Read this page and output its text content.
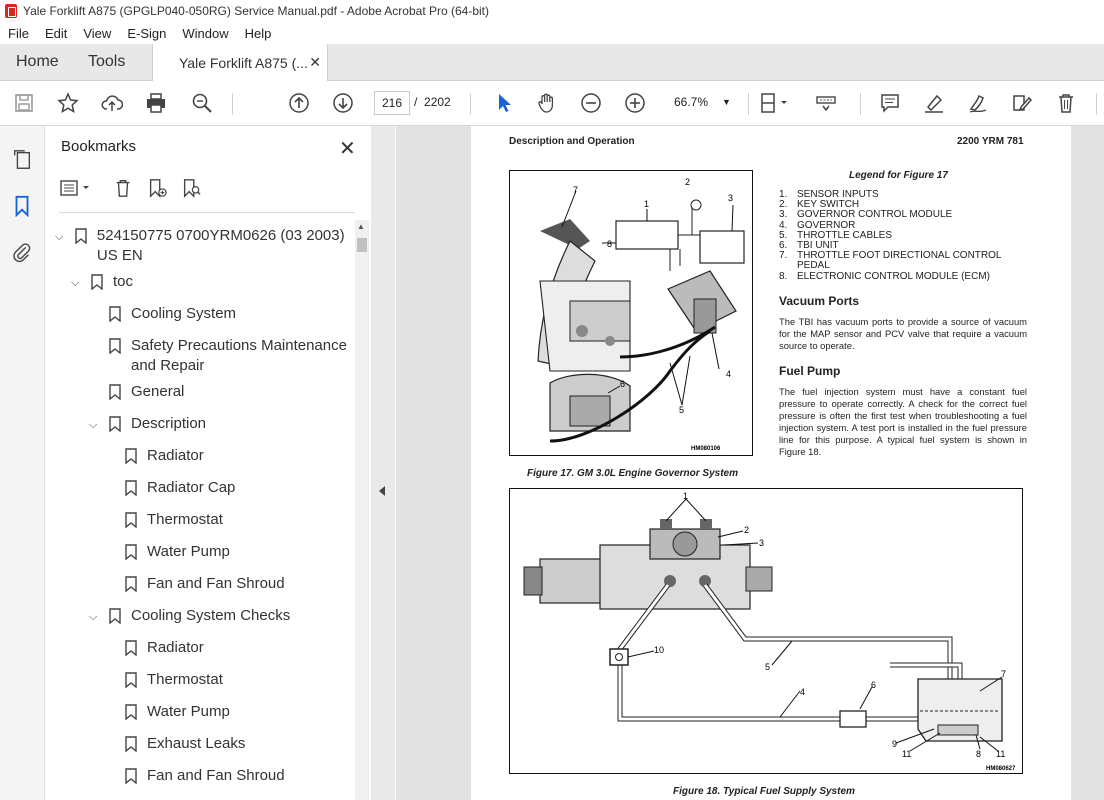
Yale Forklift A875 (GPGLP040-050RG) Service Manual.pdf - Adobe Acrobat Pro (64-bit)
File	Edit	View	E-Sign	Window	Help
Home Tools	Yale Forklift A875 (... ✕
216 / 2202	66.7% ▼
Bookmarks	✕
⌵	524150775 0700YRM0626 (03 2003) US EN
⌵	toc
Cooling System
Safety Precautions Maintenance and Repair
General
⌵	Description
Radiator
Radiator Cap
Thermostat
Water Pump
Fan and Fan Shroud
⌵	Cooling System Checks
Radiator
Thermostat
Water Pump
Exhaust Leaks
Fan and Fan Shroud
▲
Description and Operation	2200 YRM 781
7
1
2
3
4
5
6
8
HM080106
Figure 17. GM 3.0L Engine Governor System
Legend for Figure 17
1. SENSOR INPUTS
2. KEY SWITCH
3. GOVERNOR CONTROL MODULE
4. GOVERNOR
5. THROTTLE CABLES
6. TBI UNIT
7. THROTTLE FOOT DIRECTIONAL CONTROL PEDAL
8. ELECTRONIC CONTROL MODULE (ECM)
Vacuum Ports
The TBI has vacuum ports to provide a source of vacuum for the MAP sensor and PCV valve that require a vacuum source to operate.
Fuel Pump
The fuel injection system must have a constant fuel pressure to operate correctly. A check for the correct fuel pressure is often the first test when troubleshooting a fuel injection system. A test port is installed in the fuel pressure line for this purpose. A typical fuel system is shown in Figure 18.
1
2
3
4
5
6
7
8
9
10
11	11
HM080627
Figure 18. Typical Fuel Supply System
